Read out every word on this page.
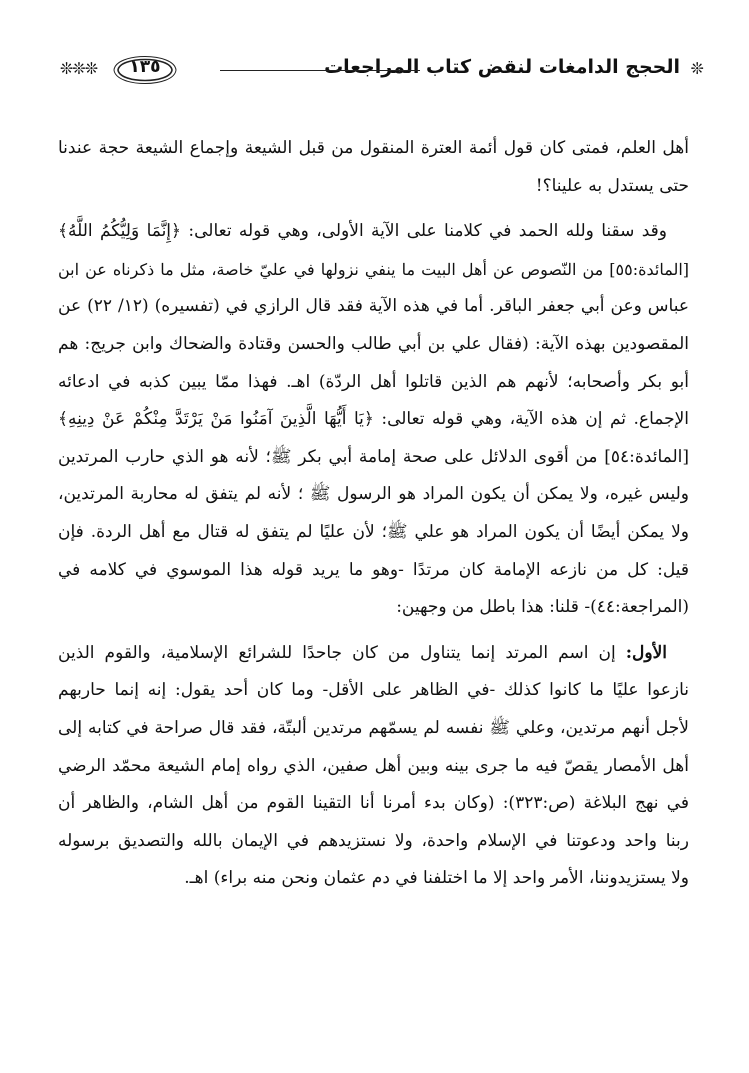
❊
الحجج الدامغات لنقض كتاب المراجعات
١٣٥
❊❊❊

أهل العلم، فمتى كان قول أئمة العترة المنقول من قبل الشيعة وإجماع الشيعة حجة عندنا
حتى يستدل به علينا؟!

وقد سقنا ولله الحمد في كلامنا على الآية الأولى، وهي قوله تعالى: ﴿إِنَّمَا وَلِيُّكُمُ اللَّهُ﴾
[المائدة:٥٥] من النّصوص عن أهل البيت ما ينفي نزولها في عليّ خاصة، مثل ما ذكرناه عن ابن
عباس وعن أبي جعفر الباقر. أما في هذه الآية فقد قال الرازي في (تفسيره) (١٢/ ٢٢) عن
المقصودين بهذه الآية: (فقال علي بن أبي طالب والحسن وقتادة والضحاك وابن جريج: هم
أبو بكر وأصحابه؛ لأنهم هم الذين قاتلوا أهل الردّة) اهـ. فهذا ممّا يبين كذبه في ادعائه
الإجماع. ثم إن هذه الآية، وهي قوله تعالى: ﴿يَا أَيُّهَا الَّذِينَ آمَنُوا مَنْ يَرْتَدَّ مِنْكُمْ عَنْ دِينِهِ﴾
[المائدة:٥٤] من أقوى الدلائل على صحة إمامة أبي بكر ﷺ؛ لأنه هو الذي حارب المرتدين
وليس غيره، ولا يمكن أن يكون المراد هو الرسول ﷺ ؛ لأنه لم يتفق له محاربة المرتدين،
ولا يمكن أيضًا أن يكون المراد هو علي ﷺ؛ لأن عليًا لم يتفق له قتال مع أهل الردة. فإن
قيل: كل من نازعه الإمامة كان مرتدًا -وهو ما يريد قوله هذا الموسوي في كلامه في
(المراجعة:٤٤)- قلنا: هذا باطل من وجهين:

الأول: إن اسم المرتد إنما يتناول من كان جاحدًا للشرائع الإسلامية، والقوم الذين
نازعوا عليًا ما كانوا كذلك -في الظاهر على الأقل- وما كان أحد يقول: إنه إنما حاربهم
لأجل أنهم مرتدين، وعلي ﷺ نفسه لم يسمّهم مرتدين ألبتّة، فقد قال صراحة في كتابه إلى
أهل الأمصار يقصّ فيه ما جرى بينه وبين أهل صفين، الذي رواه إمام الشيعة محمّد الرضي
في نهج البلاغة (ص:٣٢٣): (وكان بدء أمرنا أنا التقينا القوم من أهل الشام، والظاهر أن
ربنا واحد ودعوتنا في الإسلام واحدة، ولا نستزيدهم في الإيمان بالله والتصديق برسوله
ولا يستزيدوننا، الأمر واحد إلا ما اختلفنا في دم عثمان ونحن منه براء) اهـ.
